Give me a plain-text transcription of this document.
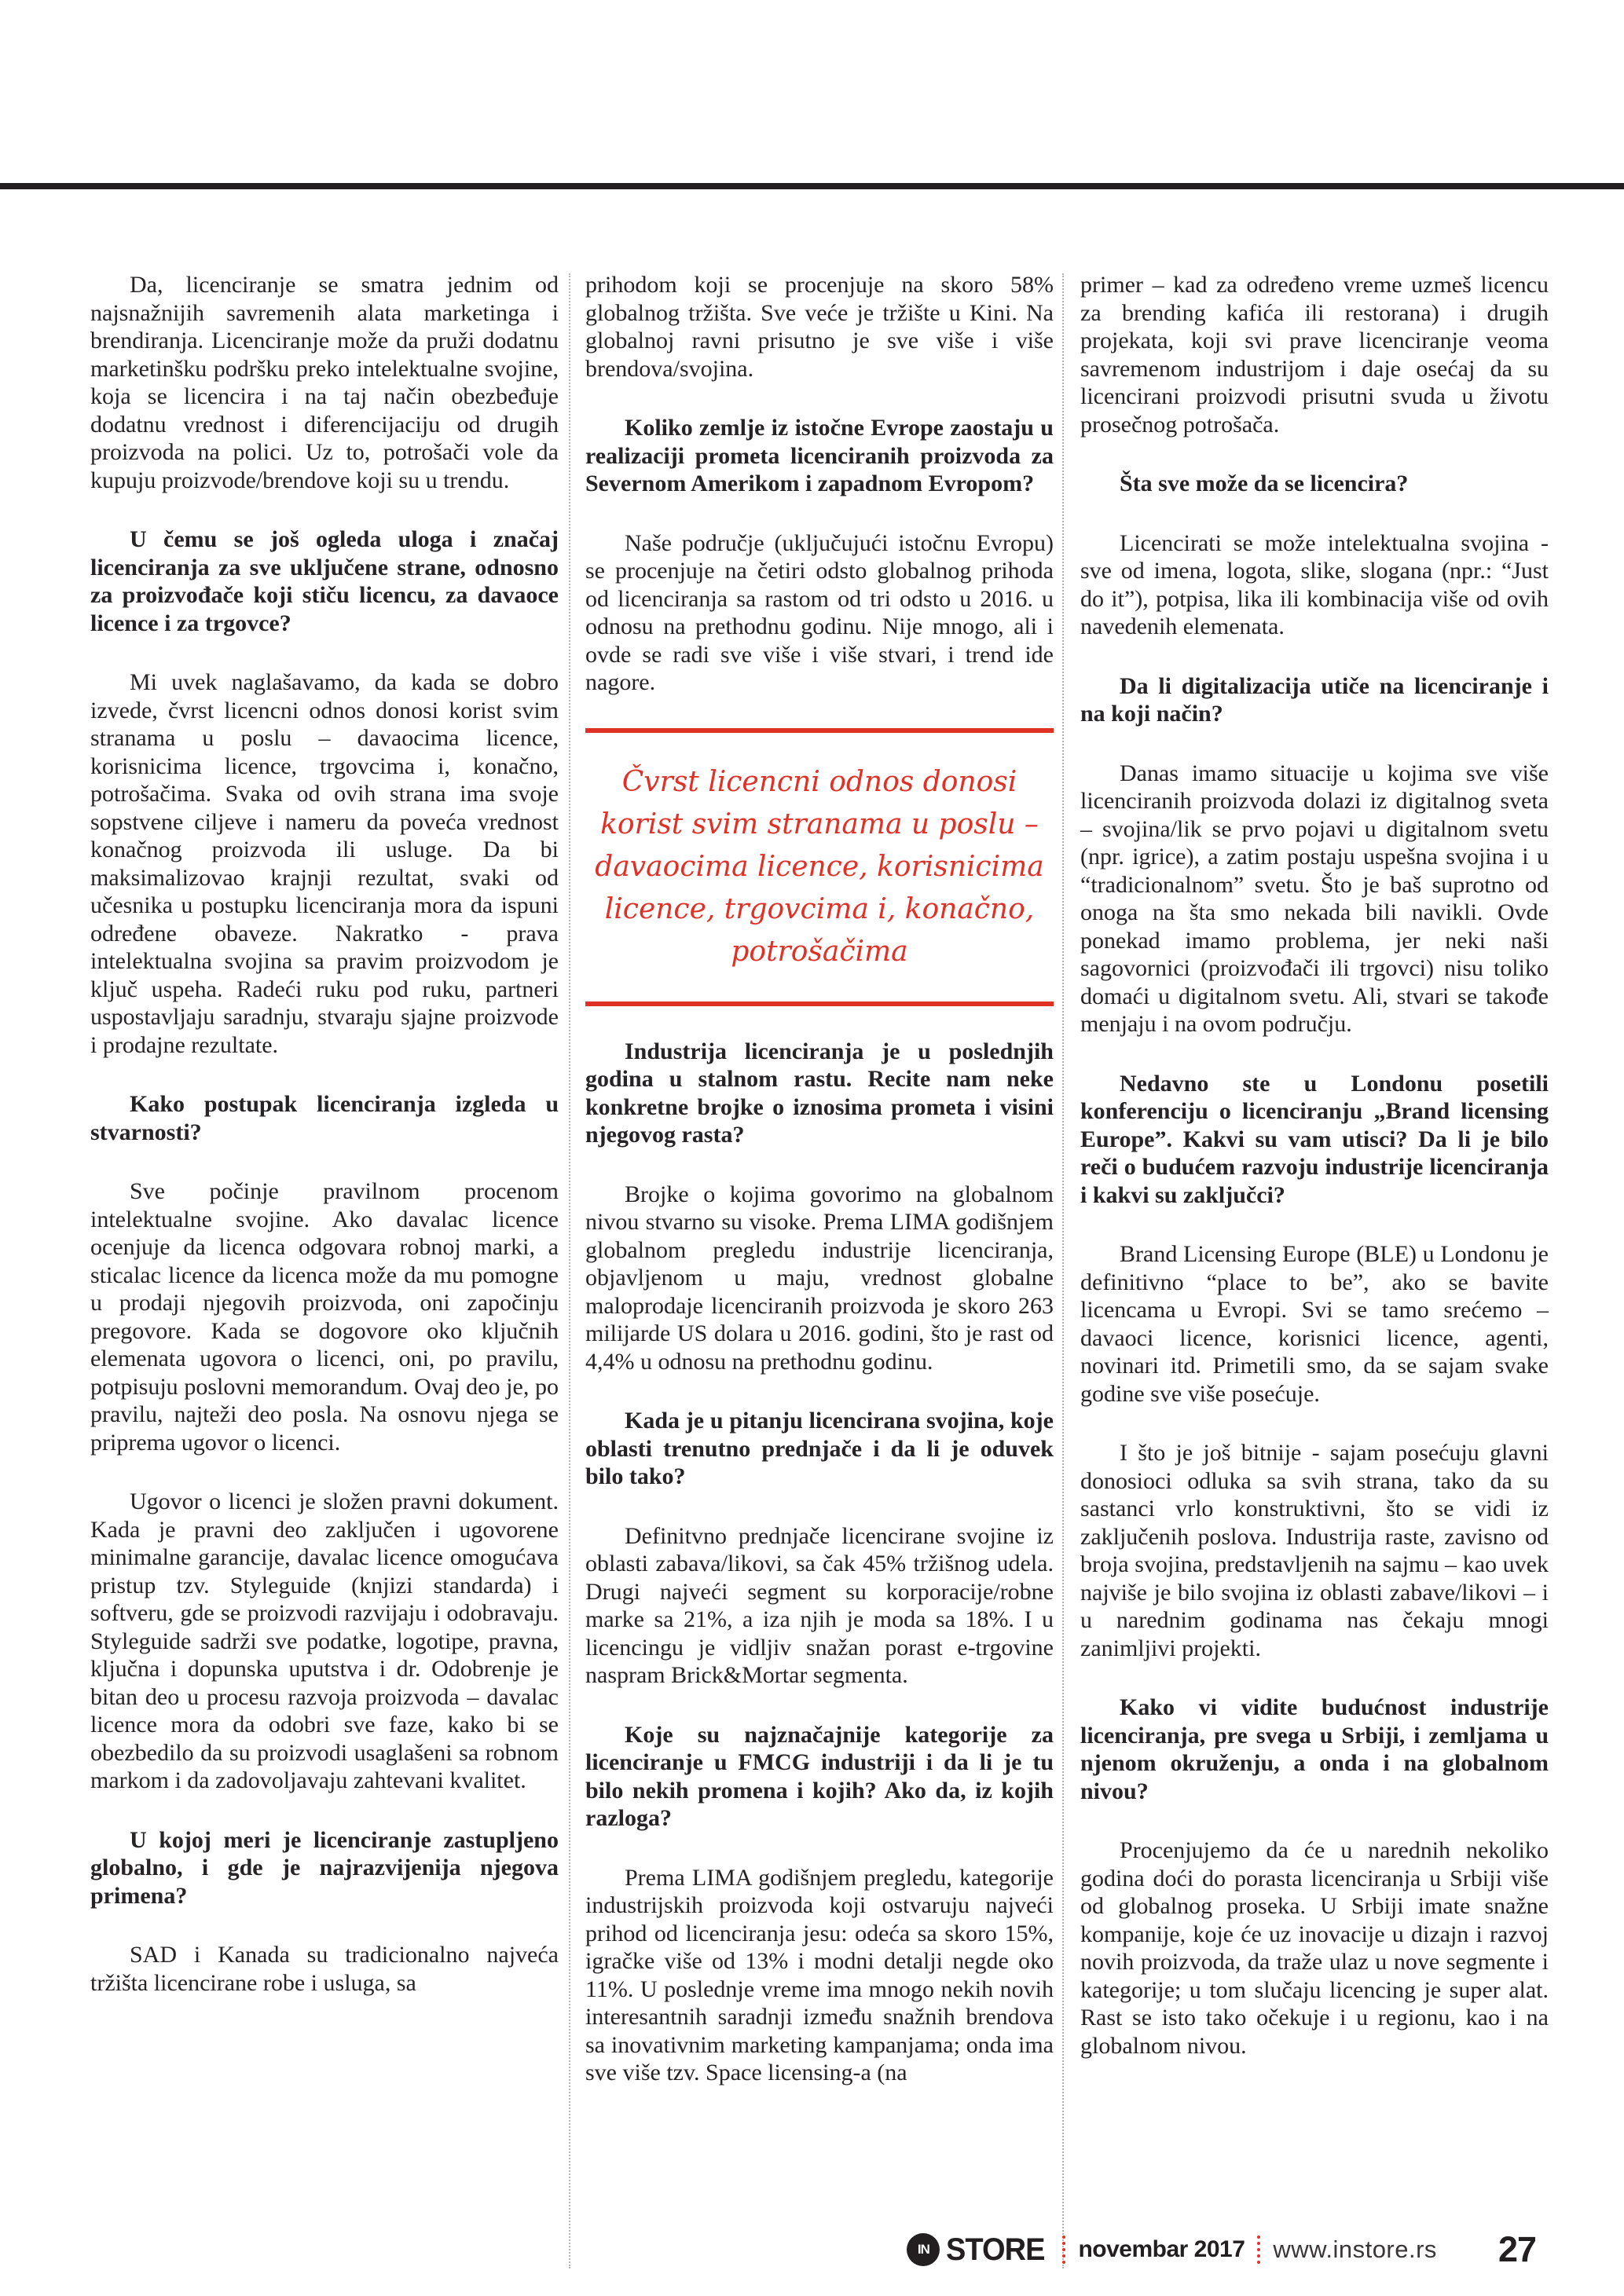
Da, licenciranje se smatra jednim od najsnažnijih savremenih alata marketinga i brendiranja. Licenciranje može da pruži dodatnu marketinšku podršku preko intelektualne svojine, koja se licencira i na taj način obezbeđuje dodatnu vrednost i diferencijaciju od drugih proizvoda na polici. Uz to, potrošači vole da kupuju proizvode/brendove koji su u trendu.

U čemu se još ogleda uloga i značaj licenciranja za sve uključene strane, odnosno za proizvođače koji stiču licencu, za davaoce licence i za trgovce?

Mi uvek naglašavamo, da kada se dobro izvede, čvrst licencni odnos donosi korist svim stranama u poslu – davaocima licence, korisnicima licence, trgovcima i, konačno, potrošačima. Svaka od ovih strana ima svoje sopstvene ciljeve i nameru da poveća vrednost konačnog proizvoda ili usluge. Da bi maksimalizovao krajnji rezultat, svaki od učesnika u postupku licenciranja mora da ispuni određene obaveze. Nakratko - prava intelektualna svojina sa pravim proizvodom je ključ uspeha. Radeći ruku pod ruku, partneri uspostavljaju saradnju, stvaraju sjajne proizvode i prodajne rezultate.

Kako postupak licenciranja izgleda u stvarnosti?

Sve počinje pravilnom procenom intelektualne svojine. Ako davalac licence ocenjuje da licenca odgovara robnoj marki, a sticalac licence da licenca može da mu pomogne u prodaji njegovih proizvoda, oni započinju pregovore. Kada se dogovore oko ključnih elemenata ugovora o licenci, oni, po pravilu, potpisuju poslovni memorandum. Ovaj deo je, po pravilu, najteži deo posla. Na osnovu njega se priprema ugovor o licenci.

Ugovor o licenci je složen pravni dokument. Kada je pravni deo zaključen i ugovorene minimalne garancije, davalac licence omogućava pristup tzv. Styleguide (knjizi standarda) i softveru, gde se proizvodi razvijaju i odobravaju. Styleguide sadrži sve podatke, logotipe, pravna, ključna i dopunska uputstva i dr. Odobrenje je bitan deo u procesu razvoja proizvoda – davalac licence mora da odobri sve faze, kako bi se obezbedilo da su proizvodi usaglašeni sa robnom markom i da zadovoljavaju zahtevani kvalitet.

U kojoj meri je licenciranje zastupljeno globalno, i gde je najrazvijenija njegova primena?

SAD i Kanada su tradicionalno najveća tržišta licencirane robe i usluga, sa

prihodom koji se procenjuje na skoro 58% globalnog tržišta. Sve veće je tržište u Kini. Na globalnoj ravni prisutno je sve više i više brendova/svojina.

Koliko zemlje iz istočne Evrope zaostaju u realizaciji prometa licenciranih proizvoda za Severnom Amerikom i zapadnom Evropom?

Naše područje (uključujući istočnu Evropu) se procenjuje na četiri odsto globalnog prihoda od licenciranja sa rastom od tri odsto u 2016. u odnosu na prethodnu godinu. Nije mnogo, ali i ovde se radi sve više i više stvari, i trend ide nagore.

Čvrst licencni odnos donosi korist svim stranama u poslu – davaocima licence, korisnicima licence, trgovcima i, konačno, potrošačima
Industrija licenciranja je u poslednjih godina u stalnom rastu. Recite nam neke konkretne brojke o iznosima prometa i visini njegovog rasta?

Brojke o kojima govorimo na globalnom nivou stvarno su visoke. Prema LIMA godišnjem globalnom pregledu industrije licenciranja, objavljenom u maju, vrednost globalne maloprodaje licenciranih proizvoda je skoro 263 milijarde US dolara u 2016. godini, što je rast od 4,4% u odnosu na prethodnu godinu.

Kada je u pitanju licencirana svojina, koje oblasti trenutno prednjače i da li je oduvek bilo tako?

Definitvno prednjače licencirane svojine iz oblasti zabava/likovi, sa čak 45% tržišnog udela. Drugi najveći segment su korporacije/robne marke sa 21%, a iza njih je moda sa 18%. I u licencingu je vidljiv snažan porast e-trgovine naspram Brick&Mortar segmenta.

Koje su najznačajnije kategorije za licenciranje u FMCG industriji i da li je tu bilo nekih promena i kojih? Ako da, iz kojih razloga?

Prema LIMA godišnjem pregledu, kategorije industrijskih proizvoda koji ostvaruju najveći prihod od licenciranja jesu: odeća sa skoro 15%, igračke više od 13% i modni detalji negde oko 11%. U poslednje vreme ima mnogo nekih novih interesantnih saradnji između snažnih brendova sa inovativnim marketing kampanjama; onda ima sve više tzv. Space licensing-a (na

primer – kad za određeno vreme uzmeš licencu za brending kafića ili restorana) i drugih projekata, koji svi prave licenciranje veoma savremenom industrijom i daje osećaj da su licencirani proizvodi prisutni svuda u životu prosečnog potrošača.

Šta sve može da se licencira?

Licencirati se može intelektualna svojina - sve od imena, logota, slike, slogana (npr.: “Just do it”), potpisa, lika ili kombinacija više od ovih navedenih elemenata.

Da li digitalizacija utiče na licenciranje i na koji način?

Danas imamo situacije u kojima sve više licenciranih proizvoda dolazi iz digitalnog sveta – svojina/lik se prvo pojavi u digitalnom svetu (npr. igrice), a zatim postaju uspešna svojina i u “tradicionalnom” svetu. Što je baš suprotno od onoga na šta smo nekada bili navikli. Ovde ponekad imamo problema, jer neki naši sagovornici (proizvođači ili trgovci) nisu toliko domaći u digitalnom svetu. Ali, stvari se takođe menjaju i na ovom području.

Nedavno ste u Londonu posetili konferenciju o licenciranju „Brand licensing Europe”. Kakvi su vam utisci? Da li je bilo reči o budućem razvoju industrije licenciranja i kakvi su zaključci?

Brand Licensing Europe (BLE) u Londonu je definitivno “place to be”, ako se bavite licencama u Evropi. Svi se tamo srećemo – davaoci licence, korisnici licence, agenti, novinari itd. Primetili smo, da se sajam svake godine sve više posećuje.

I što je još bitnije - sajam posećuju glavni donosioci odluka sa svih strana, tako da su sastanci vrlo konstruktivni, što se vidi iz zaključenih poslova. Industrija raste, zavisno od broja svojina, predstavljenih na sajmu – kao uvek najviše je bilo svojina iz oblasti zabave/likovi – i u narednim godinama nas čekaju mnogi zanimljivi projekti.

Kako vi vidite budućnost industrije licenciranja, pre svega u Srbiji, i zemljama u njenom okruženju, a onda i na globalnom nivou?

Procenjujemo da će u narednih nekoliko godina doći do porasta licenciranja u Srbiji više od globalnog proseka. U Srbiji imate snažne kompanije, koje će uz inovacije u dizajn i razvoj novih proizvoda, da traže ulaz u nove segmente i kategorije; u tom slučaju licencing je super alat. Rast se isto tako očekuje i u regionu, kao i na globalnom nivou.

IN STORE novembar 2017 www.instore.rs 27
